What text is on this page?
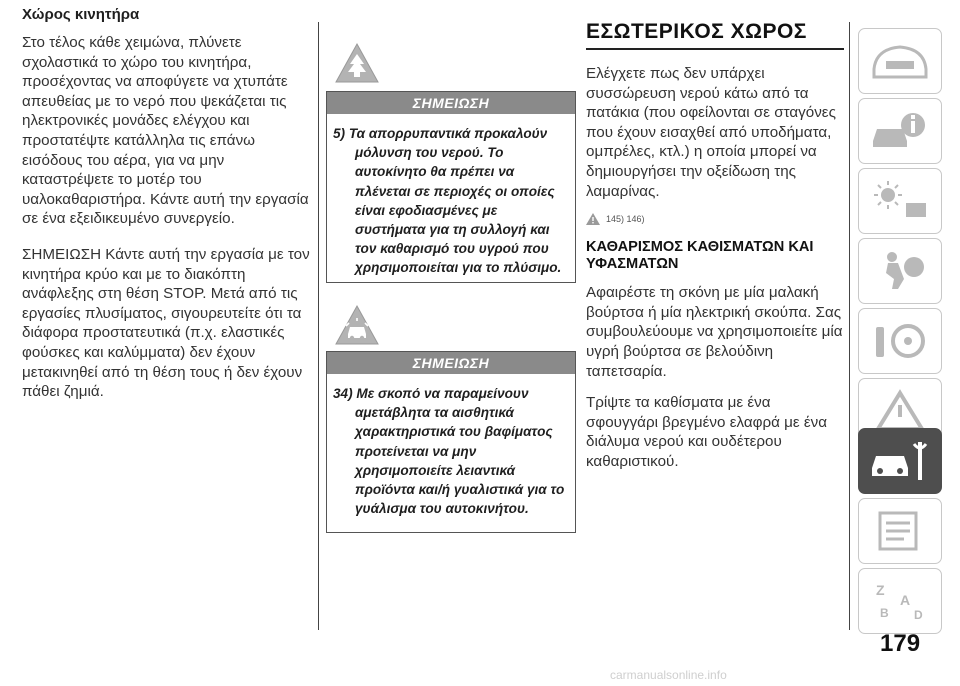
Χώρος κινητήρα

Στο τέλος κάθε χειμώνα, πλύνετε σχολαστικά το χώρο του κινητήρα, προσέχοντας να αποφύγετε να χτυπάτε απευθείας με το νερό που ψεκάζεται τις ηλεκτρονικές μονάδες ελέγχου και προστατέψτε κατάλληλα τις επάνω εισόδους του αέρα, για να μην καταστρέψετε το μοτέρ του υαλοκαθαριστήρα. Κάντε αυτή την εργασία σε ένα εξειδικευμένο συνεργείο.

ΣΗΜΕΙΩΣΗ Κάντε αυτή την εργασία με τον κινητήρα κρύο και με το διακόπτη ανάφλεξης στη θέση STOP. Μετά από τις εργασίες πλυσίματος, σιγουρευτείτε ότι τα διάφορα προστατευτικά (π.χ. ελαστικές φούσκες και καλύμματα) δεν έχουν μετακινηθεί από τη θέση τους ή δεν έχουν πάθει ζημιά.

ΣΗΜΕΙΩΣΗ

5) Τα απορρυπαντικά προκαλούν μόλυνση του νερού. Το αυτοκίνητο θα πρέπει να πλένεται σε περιοχές οι οποίες είναι εφοδιασμένες με συστήματα για τη συλλογή και τον καθαρισμό του υγρού που χρησιμοποιείται για το πλύσιμο.

ΣΗΜΕΙΩΣΗ

34) Με σκοπό να παραμείνουν αμετάβλητα τα αισθητικά χαρακτηριστικά του βαφίματος προτείνεται να μην χρησιμοποιείτε λειαντικά προϊόντα και/ή γυαλιστικά για το γυάλισμα του αυτοκινήτου.

ΕΣΩΤΕΡΙΚΟΣ ΧΩΡΟΣ

Ελέγχετε πως δεν υπάρχει συσσώρευση νερού κάτω από τα πατάκια (που οφείλονται σε σταγόνες που έχουν εισαχθεί από υποδήματα, ομπρέλες, κτλ.) η οποία μπορεί να δημιουργήσει την οξείδωση της λαμαρίνας.

145) 146)
ΚΑΘΑΡΙΣΜΟΣ ΚΑΘΙΣΜΑΤΩΝ ΚΑΙ ΥΦΑΣΜΑΤΩΝ

Αφαιρέστε τη σκόνη με μία μαλακή βούρτσα ή μία ηλεκτρική σκούπα. Σας συμβουλεύουμε να χρησιμοποιείτε μία υγρή βούρτσα σε βελούδινη ταπετσαρία.

Τρίψτε τα καθίσματα με ένα σφουγγάρι βρεγμένο ελαφρά με ένα διάλυμα νερού και ουδέτερου καθαριστικού.

Z
A
B D
179
carmanualsonline.info
